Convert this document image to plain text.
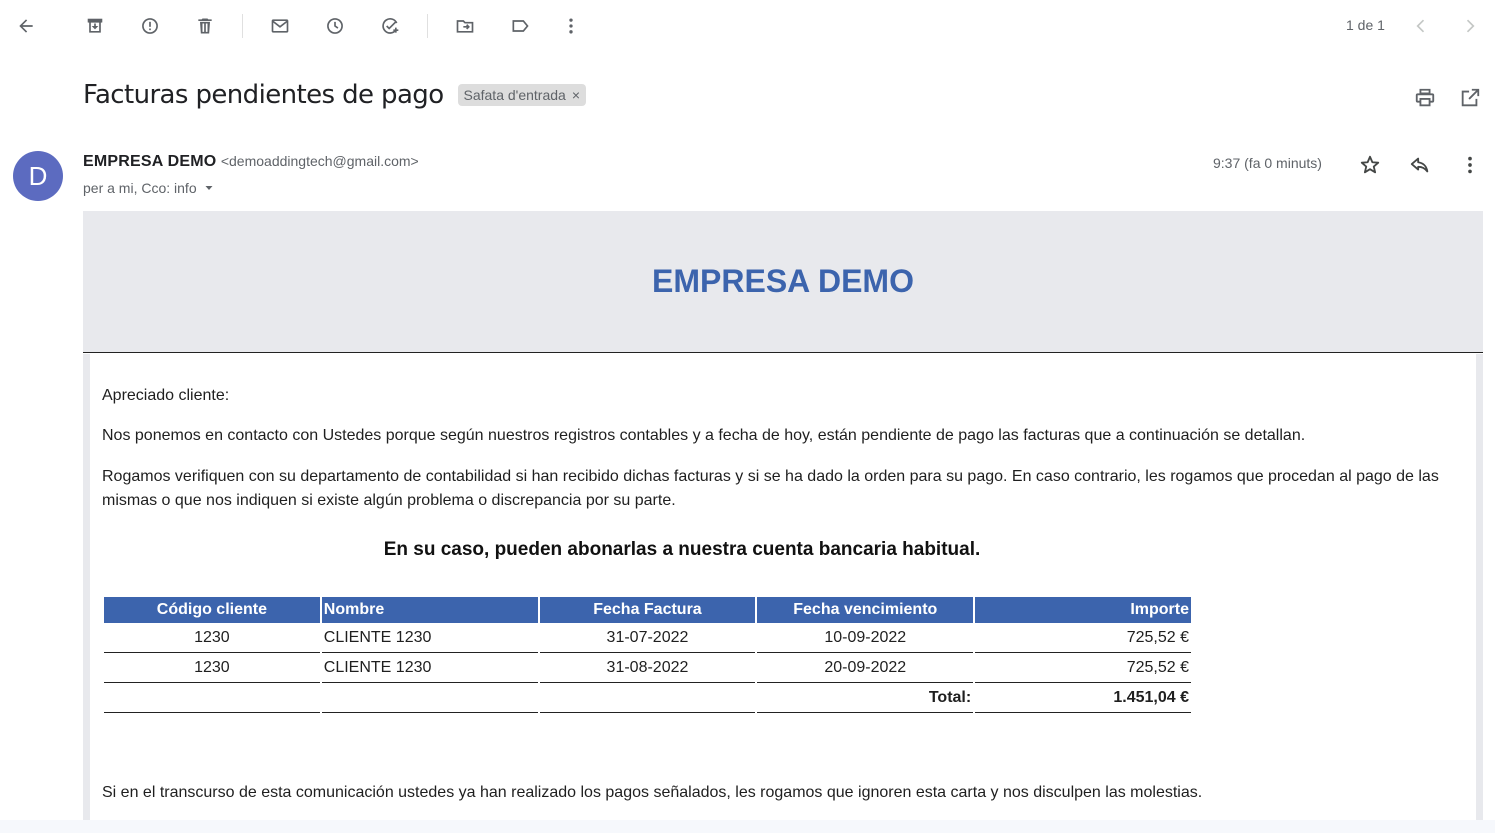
1 de 1
Facturas pendientes de pago Safata d'entrada ×
D	EMPRESA DEMO <demoaddingtech@gmail.com>
per a mi, Cco: info
9:37 (fa 0 minuts)
EMPRESA DEMO
Apreciado cliente:
Nos ponemos en contacto con Ustedes porque según nuestros registros contables y a fecha de hoy, están pendiente de pago las facturas que a continuación se detallan.
Rogamos verifiquen con su departamento de contabilidad si han recibido dichas facturas y si se ha dado la orden para su pago. En caso contrario, les rogamos que procedan al pago de las mismas o que nos indiquen si existe algún problema o discrepancia por su parte.
En su caso, pueden abonarlas a nuestra cuenta bancaria habitual.
Código cliente	Nombre	Fecha Factura	Fecha vencimiento	Importe
1230	CLIENTE 1230	31-07-2022	10-09-2022	725,52 €
1230	CLIENTE 1230	31-08-2022	20-09-2022	725,52 €
			Total:	1.451,04 €
Si en el transcurso de esta comunicación ustedes ya han realizado los pagos señalados, les rogamos que ignoren esta carta y nos disculpen las molestias.
